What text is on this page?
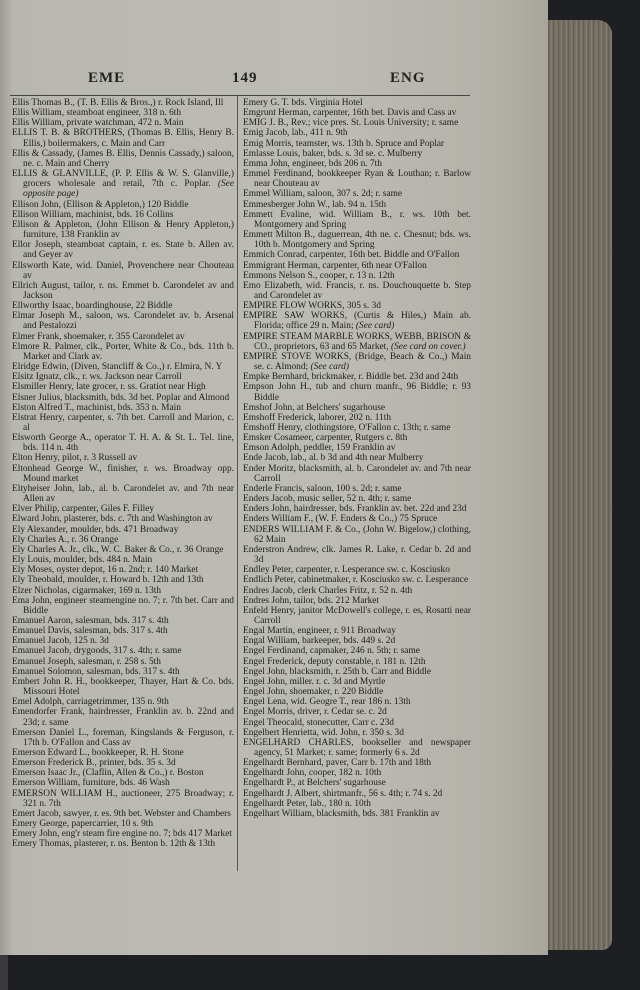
EME	149	ENG
Ellis Thomas B., (T. B. Ellis & Bros.,) r. Rock Island, Ill
Ellis William, steamboat engineer, 318 n. 6th
Ellis William, private watchman, 472 n. Main
ELLIS T. B. & BROTHERS, (Thomas B. Ellis, Henry B. Ellis,) boilermakers, c. Main and Carr
Ellis & Cassady, (James B. Ellis, Dennis Cassady,) saloon, ne. c. Main and Cherry
ELLIS & GLANVILLE, (P. P. Ellis & W. S. Glanville,) grocers wholesale and retail, 7th c. Poplar. (See opposite page)
Ellison John, (Ellison & Appleton,) 120 Biddle
Ellison William, machinist, bds. 16 Collins
Ellison & Appleton, (John Ellison & Henry Appleton,) furniture, 138 Franklin av
Ellor Joseph, steamboat captain, r. es. State b. Allen av. and Geyer av
Ellsworth Kate, wid. Daniel, Provenchere near Chouteau av
Ellrich August, tailor, r. ns. Emmet b. Carondelet av and Jackson
Ellworthy Isaac, boardinghouse, 22 Biddle
Elmar Joseph M., saloon, ws. Carondelet av. b. Arsenal and Pestalozzi
Elmer Frank, shoemaker, r. 355 Carondelet av
Elmore R. Palmer, clk., Porter, White & Co., bds. 11th b. Market and Clark av.
Elridge Edwin, (Diven, Stancliff & Co.,) r. Elmira, N. Y
Elsitz Ignatz, clk., r. ws. Jackson near Carroll
Elsmiller Henry, late grocer, r. ss. Gratiot near High
Elsner Julius, blacksmith, bds. 3d bet. Poplar and Almond
Elston Alfred T., machinist, bds. 353 n. Main
Elstrat Henry, carpenter, s. 7th bet. Carroll and Marion, c. al
Elsworth George A., operator T. H. A. & St. L. Tel. line, bds. 114 n. 4th
Elton Henry, pilot, r. 3 Russell av
Eltonhead George W., finisher, r. ws. Broadway opp. Mound market
Eltyheiser John, lab., al. b. Carondelet av. and 7th near Allen av
Elver Philip, carpenter, Giles F. Filley
Elward John, plasterer, bds. c. 7th and Washington av
Ely Alexander, moulder, bds. 471 Broadway
Ely Charles A., r. 36 Orange
Ely Charles A. Jr., clk., W. C. Baker & Co., r. 36 Orange
Ely Louis, moulder, bds. 484 n. Main
Ely Moses, oyster depot, 16 n. 2nd; r. 140 Market
Ely Theobald, moulder, r. Howard b. 12th and 13th
Elzer Nicholas, cigarmaker, 169 n. 13th
Ema John, engineer steamengine no. 7; r. 7th bet. Carr and Biddle
Emanuel Aaron, salesman, bds. 317 s. 4th
Emanuel Davis, salesman, bds. 317 s. 4th
Emanuel Jacob, 125 n. 3d
Emanuel Jacob, drygoods, 317 s. 4th; r. same
Emanuel Joseph, salesman, r. 258 s. 5th
Emanuel Solomon, salesman, bds. 317 s. 4th
Embert John R. H., bookkeeper, Thayer, Hart & Co. bds. Missouri Hotel
Emel Adolph, carriagetrimmer, 135 n. 9th
Emendorfer Frank, hairdresser, Franklin av. b. 22nd and 23d; r. same
Emerson Daniel L., foreman, Kingslands & Ferguson, r. 17th b. O'Fallon and Cass av
Emerson Edward L., bookkeeper, R. H. Stone
Emerson Frederick B., printer, bds. 35 s. 3d
Emerson Isaac Jr., (Claflin, Allen & Co.,) r. Boston
Emerson William, furniture, bds. 46 Wash
EMERSON WILLIAM H., auctioneer, 275 Broadway; r. 321 n. 7th
Emert Jacob, sawyer, r. es. 9th bet. Webster and Chambers
Emery George, papercarrier, 10 s. 9th
Emery John, eng'r steam fire engine no. 7; bds 417 Market
Emery Thomas, plasterer, r. ns. Benton b. 12th & 13th
Emery G. T. bds. Virginia Hotel
Emgrunt Herman, carpenter, 16th bet. Davis and Cass av
EMIG J. B., Rev.; vice pres. St. Louis University; r. same
Emig Jacob, lab., 411 n. 9th
Emig Morris, teamster, ws. 13th b. Spruce and Poplar
Emlasse Louis, baker, bds. s. 3d se. c. Mulberry
Emma John, engineer, bds 206 n. 7th
Emmel Ferdinand, bookkeeper Ryan & Louthan; r. Barlow near Chouteau av
Emmel William, saloon, 307 s. 2d; r. same
Emmesberger John W., lab. 94 n. 15th
Emmett Evaline, wid. William B., r. ws. 10th bet. Montgomery and Spring
Emmett Milton B., daguerrean, 4th ne. c. Chesnut; bds. ws. 10th b. Montgomery and Spring
Emmich Conrad, carpenter, 16th bet. Biddle and O'Fallon
Emmigrant Herman, carpenter, 6th near O'Fallon
Emmons Nelson S., cooper, r. 13 n. 12th
Emo Elizabeth, wid. Francis, r. ns. Douchouquette b. Step and Carondelet av
EMPIRE FLOW WORKS, 305 s. 3d
EMPIRE SAW WORKS, (Curtis & Hiles,) Main ab. Florida; office 29 n. Main; (See card)
EMPIRE STEAM MARBLE WORKS, WEBB, BRISON & CO., proprietors, 63 and 65 Market, (See card on cover.)
EMPIRE STOVE WORKS, (Bridge, Beach & Co.,) Main se. c. Almond; (See card)
Empke Bernhard, brickmaker, r. Biddle bet. 23d and 24th
Empson John H., tub and churn manfr., 96 Biddle; r. 93 Biddle
Emshof John, at Belchers' sugarhouse
Emshoff Frederick, laborer, 202 n. 11th
Emshoff Henry, clothingstore, O'Fallon c. 13th; r. same
Emsker Cosameer, carpenter, Rutgers c. 8th
Emson Adolph, peddler, 159 Franklin av
Ende Jacob, lab., al. b 3d and 4th near Mulberry
Ender Moritz, blacksmith, al. b. Carondelet av. and 7th near Carroll
Enderle Francis, saloon, 100 s. 2d; r. same
Enders Jacob, music seller, 52 n. 4th; r. same
Enders John, hairdresser, bds. Franklin av. bet. 22d and 23d
Enders William F., (W. F. Enders & Co.,) 75 Spruce
ENDERS WILLIAM F. & Co., (John W. Bigelow,) clothing, 62 Main
Enderstron Andrew, clk. James R. Lake, r. Cedar b. 2d and 3d
Endley Peter, carpenter, r. Lesperance sw. c. Kosciusko
Endlich Peter, cabinetmaker, r. Kosciusko sw. c. Lesperance
Endres Jacob, clerk Charles Fritz, r. 52 n. 4th
Endres John, tailor, bds. 212 Market
Enfeld Henry, janitor McDowell's college, r. es, Rosatti near Carroll
Engal Martin, engineer, r. 911 Broadway
Engal William, barkeeper, bds. 449 s. 2d
Engel Ferdinand, capmaker, 246 n. 5th; r. same
Engel Frederick, deputy constable, r. 181 n. 12th
Engel John, blacksmith, r. 25th b. Carr and Biddle
Engel John, miller. r. c. 3d and Myrtle
Engel John, shoemaker, r. 220 Biddle
Engel Lena, wid. Geogre T., rear 186 n. 13th
Engel Morris, driver, r. Cedar se. c. 2d
Engel Theocald, stonecutter, Carr c. 23d
Engelbert Henrietta, wid. John, r. 350 s. 3d
ENGELHARD CHARLES, bookseller and newspaper agency, 51 Market; r. same; formerly 6 s. 2d
Engelhardt Bernhard, paver, Carr b. 17th and 18th
Engelhardt John, cooper, 182 n. 10th
Engelhardt P., at Belchers' sugarhouse
Engelhardt J. Albert, shirtmanfr., 56 s. 4th; r. 74 s. 2d
Engelhardt Peter, lab., 180 n. 10th
Engelhart William, blacksmith, bds. 381 Franklin av
